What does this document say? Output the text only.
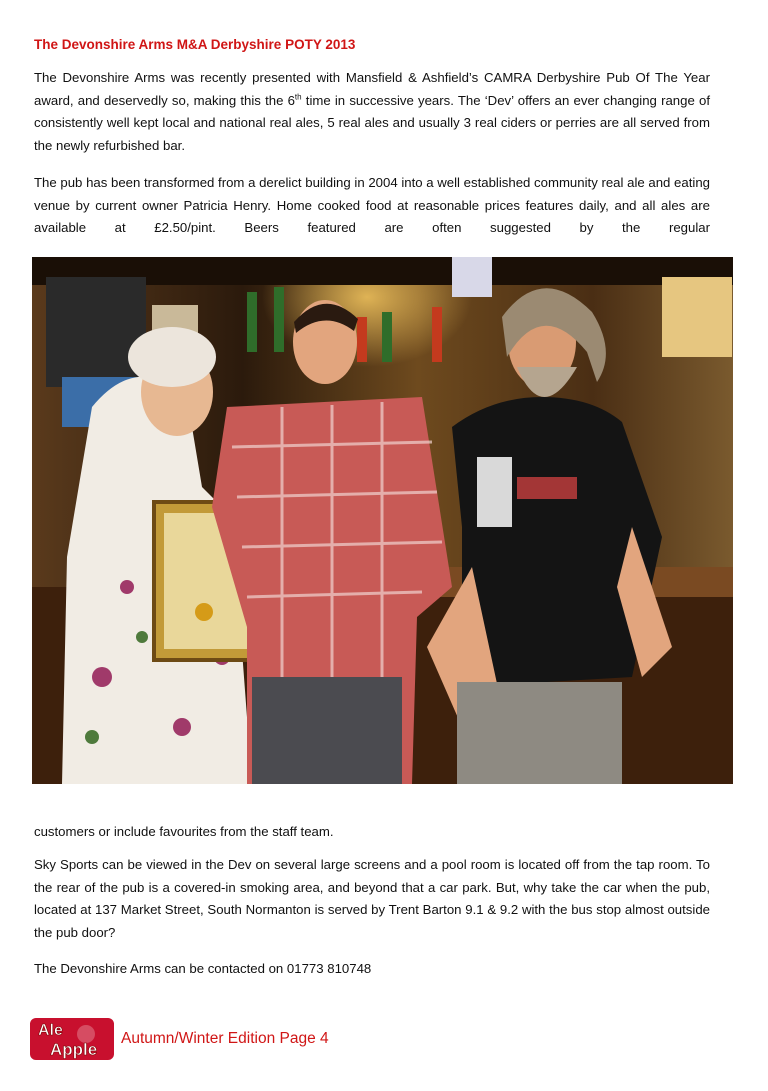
The Devonshire Arms M&A Derbyshire POTY 2013

The Devonshire Arms was recently presented with Mansfield & Ashfield’s CAMRA Derbyshire Pub Of The Year award, and deservedly so, making this the 6th time in successive years. The ‘Dev’ offers an ever changing range of consistently well kept local and national real ales, 5 real ales and usually 3 real ciders or perries are all served from the newly refurbished bar.

The pub has been transformed from a derelict building in 2004 into a well established community real ale and eating venue by current owner Patricia Henry. Home cooked food at reasonable prices features daily, and all ales are available at £2.50/pint. Beers featured are often suggested by the regular

customers or include favourites from the staff team.

Sky Sports can be viewed in the Dev on several large screens and a pool room is located off from the tap room. To the rear of the pub is a covered-in smoking area, and beyond that a car park. But, why take the car when the pub, located at 137 Market Street, South Normanton is served by Trent Barton 9.1 & 9.2 with the bus stop almost outside the pub door?

The Devonshire Arms can be contacted on 01773 810748

Ale
Apple
Autumn/Winter Edition Page 4
